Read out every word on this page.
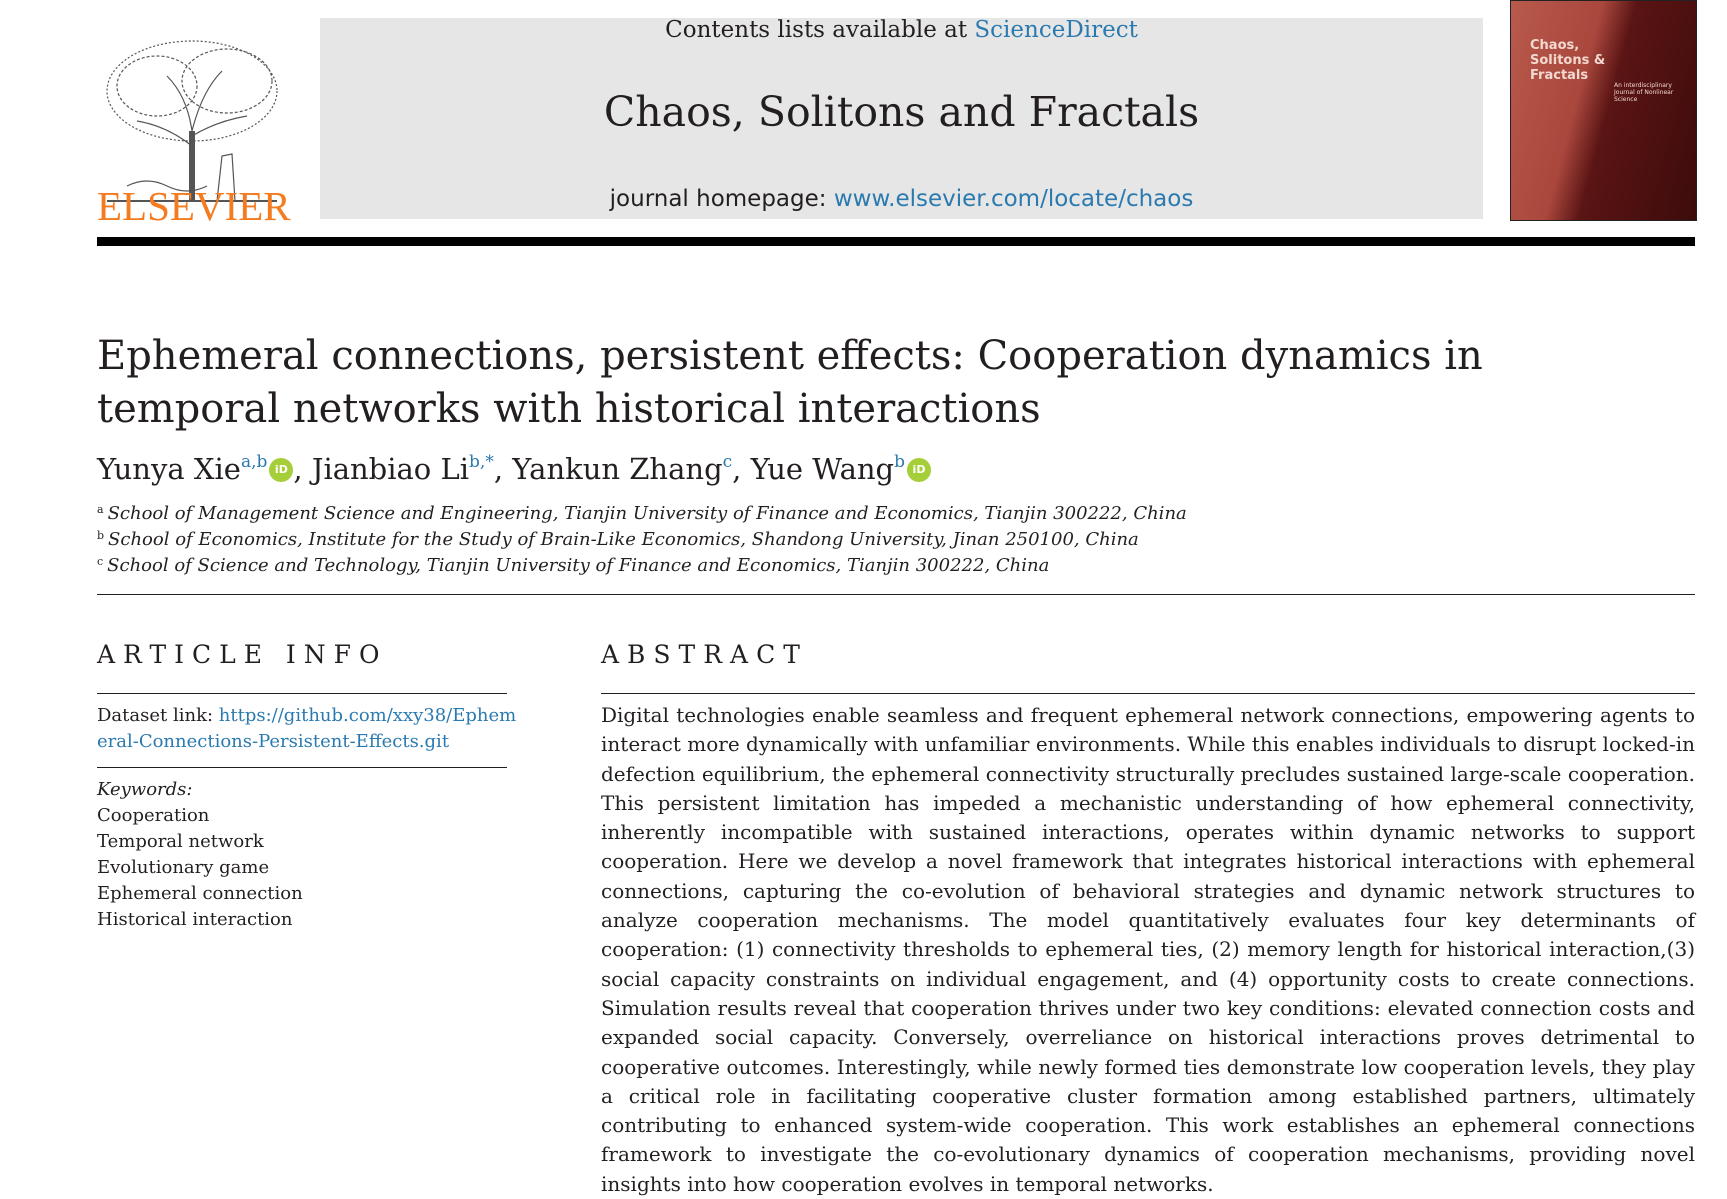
ELSEVIER
Contents lists available at ScienceDirect
Chaos, Solitons and Fractals
journal homepage: www.elsevier.com/locate/chaos
Chaos, Solitons & Fractals
An interdisciplinary Journal of Nonlinear Science
Ephemeral connections, persistent effects: Cooperation dynamics in temporal networks with historical interactions
Yunya Xie$^{a,b}$ iD , Jianbiao $Li^{b,*}$, Yankun Zhang$^c$, Yue Wang$^b$ iD
$^a$ School of Management Science and Engineering, Tianjin University of Finance and Economics, Tianjin 300222, China
$^b$ School of Economics, Institute for the Study of Brain-Like Economics, Shandong University, Jinan 250100, China
$^c$ School of Science and Technology, Tianjin University of Finance and Economics, Tianjin 300222, China
ARTICLE INFO
Dataset link: https://github.com/xxy38/Ephem
eral-Connections-Persistent-Effects.git
Keywords:
Cooperation
Temporal network
Evolutionary game
Ephemeral connection
Historical interaction
ABSTRACT
Digital technologies enable seamless and frequent ephemeral network connections, empowering agents to interact more dynamically with unfamiliar environments. While this enables individuals to disrupt locked-in defection equilibrium, the ephemeral connectivity structurally precludes sustained large-scale cooperation. This persistent limitation has impeded a mechanistic understanding of how ephemeral connectivity, inherently incompatible with sustained interactions, operates within dynamic networks to support cooperation. Here we develop a novel framework that integrates historical interactions with ephemeral connections, capturing the co-evolution of behavioral strategies and dynamic network structures to analyze cooperation mechanisms. The model quantitatively evaluates four key determinants of cooperation: (1) connectivity thresholds to ephemeral ties, (2) memory length for historical interaction,(3) social capacity constraints on individual engagement, and (4) opportunity costs to create connections. Simulation results reveal that cooperation thrives under two key conditions: elevated connection costs and expanded social capacity. Conversely, overreliance on historical interactions proves detrimental to cooperative outcomes. Interestingly, while newly formed ties demonstrate low cooperation levels, they play a critical role in facilitating cooperative cluster formation among established partners, ultimately contributing to enhanced system-wide cooperation. This work establishes an ephemeral connections framework to investigate the co-evolutionary dynamics of cooperation mechanisms, providing novel insights into how cooperation evolves in temporal networks.
